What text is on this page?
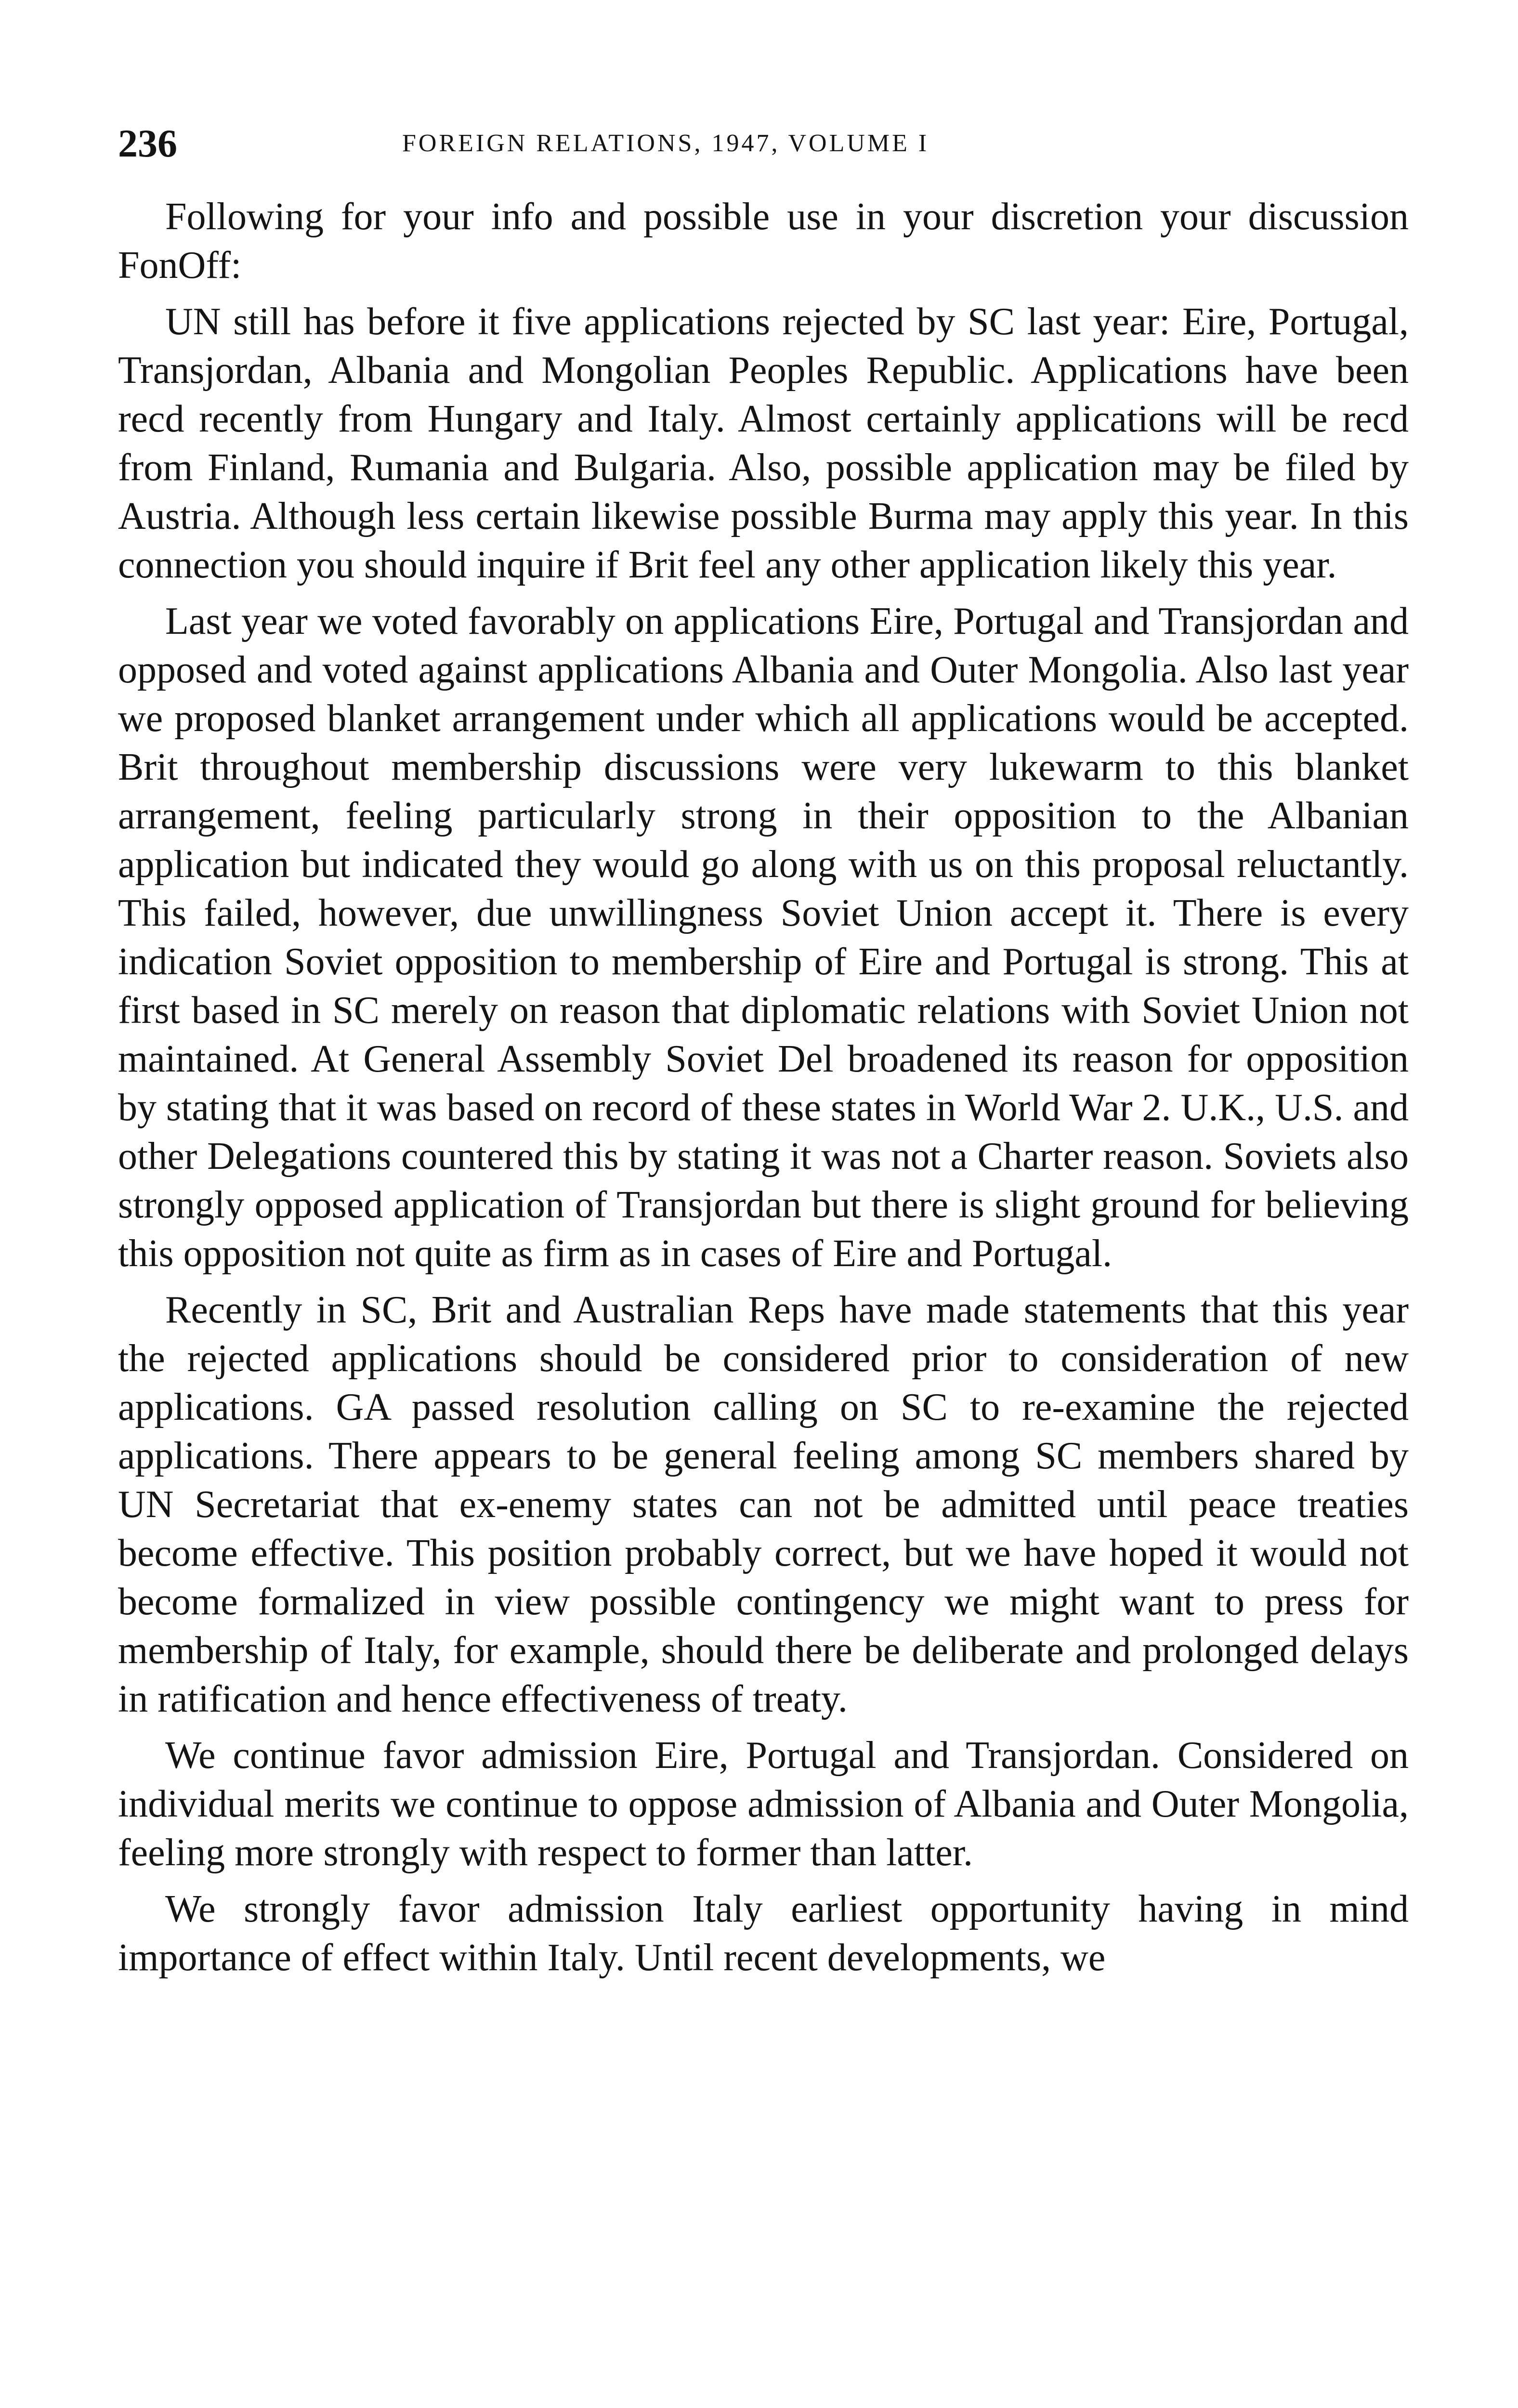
236	FOREIGN RELATIONS, 1947, VOLUME I

Following for your info and possible use in your discretion your discussion FonOff:

UN still has before it five applications rejected by SC last year: Eire, Portugal, Transjordan, Albania and Mongolian Peoples Republic. Applications have been recd recently from Hungary and Italy. Almost certainly applications will be recd from Finland, Rumania and Bulgaria. Also, possible application may be filed by Austria. Although less certain likewise possible Burma may apply this year. In this connection you should inquire if Brit feel any other application likely this year.

Last year we voted favorably on applications Eire, Portugal and Transjordan and opposed and voted against applications Albania and Outer Mongolia. Also last year we proposed blanket arrangement under which all applications would be accepted. Brit throughout membership discussions were very lukewarm to this blanket arrangement, feeling particularly strong in their opposition to the Albanian application but indicated they would go along with us on this proposal reluctantly. This failed, however, due unwillingness Soviet Union accept it. There is every indication Soviet opposition to membership of Eire and Portugal is strong. This at first based in SC merely on reason that diplomatic relations with Soviet Union not maintained. At General Assembly Soviet Del broadened its reason for opposition by stating that it was based on record of these states in World War 2. U.K., U.S. and other Delegations countered this by stating it was not a Charter reason. Soviets also strongly opposed application of Transjordan but there is slight ground for believing this opposition not quite as firm as in cases of Eire and Portugal.

Recently in SC, Brit and Australian Reps have made statements that this year the rejected applications should be considered prior to consideration of new applications. GA passed resolution calling on SC to re-examine the rejected applications. There appears to be general feeling among SC members shared by UN Secretariat that ex-enemy states can not be admitted until peace treaties become effective. This position probably correct, but we have hoped it would not become formalized in view possible contingency we might want to press for membership of Italy, for example, should there be deliberate and prolonged delays in ratification and hence effectiveness of treaty.

We continue favor admission Eire, Portugal and Transjordan. Considered on individual merits we continue to oppose admission of Albania and Outer Mongolia, feeling more strongly with respect to former than latter.

We strongly favor admission Italy earliest opportunity having in mind importance of effect within Italy. Until recent developments, we
